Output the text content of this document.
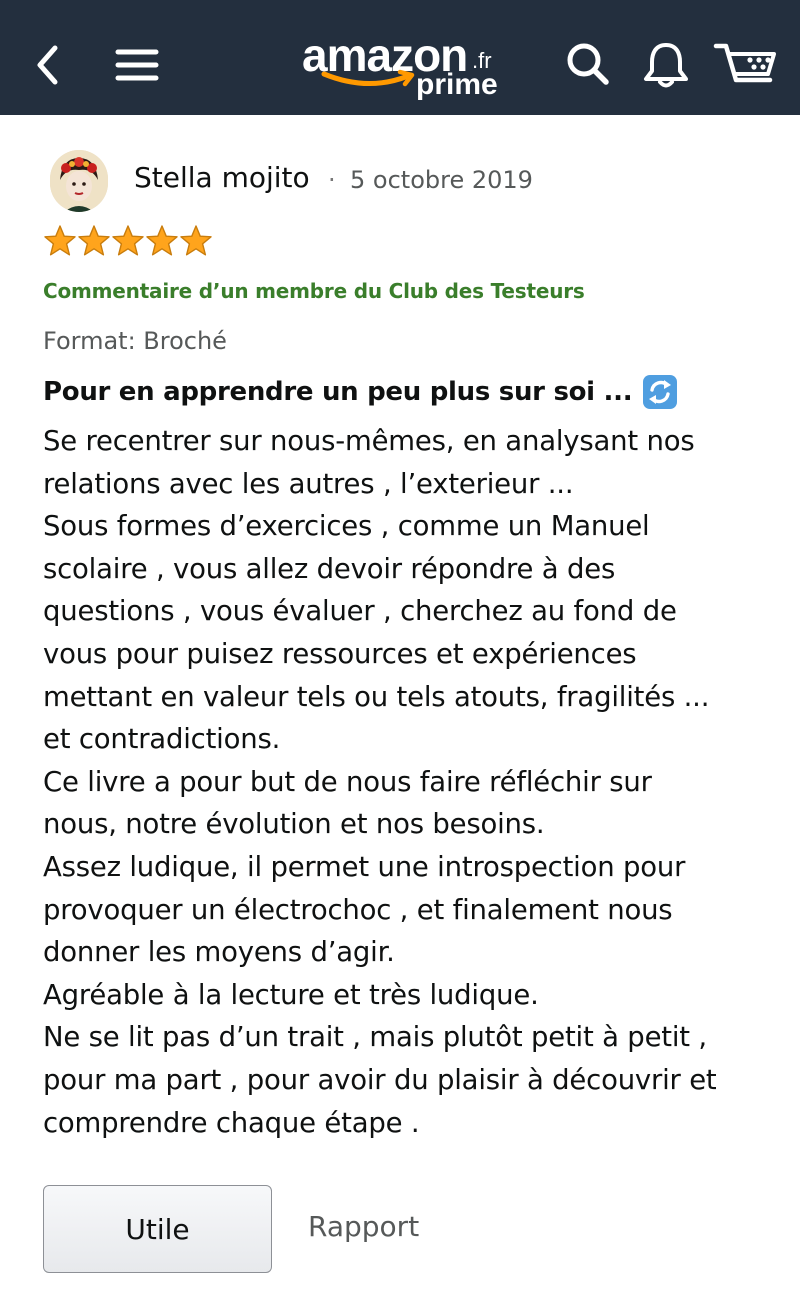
amazon .fr
prime
Stella mojito · 5 octobre 2019
Commentaire d’un membre du Club des Testeurs
Format: Broché
Pour en apprendre un peu plus sur soi ...
Se recentrer sur nous-mêmes, en analysant nos
relations avec les autres , l’exterieur ...
Sous formes d’exercices , comme un Manuel
scolaire , vous allez devoir répondre à des
questions , vous évaluer , cherchez au fond de
vous pour puisez ressources et expériences
mettant en valeur tels ou tels atouts, fragilités ...
et contradictions.
Ce livre a pour but de nous faire réfléchir sur
nous, notre évolution et nos besoins.
Assez ludique, il permet une introspection pour
provoquer un électrochoc , et finalement nous
donner les moyens d’agir.
Agréable à la lecture et très ludique.
Ne se lit pas d’un trait , mais plutôt petit à petit ,
pour ma part , pour avoir du plaisir à découvrir et
comprendre chaque étape .
Utile	Rapport
